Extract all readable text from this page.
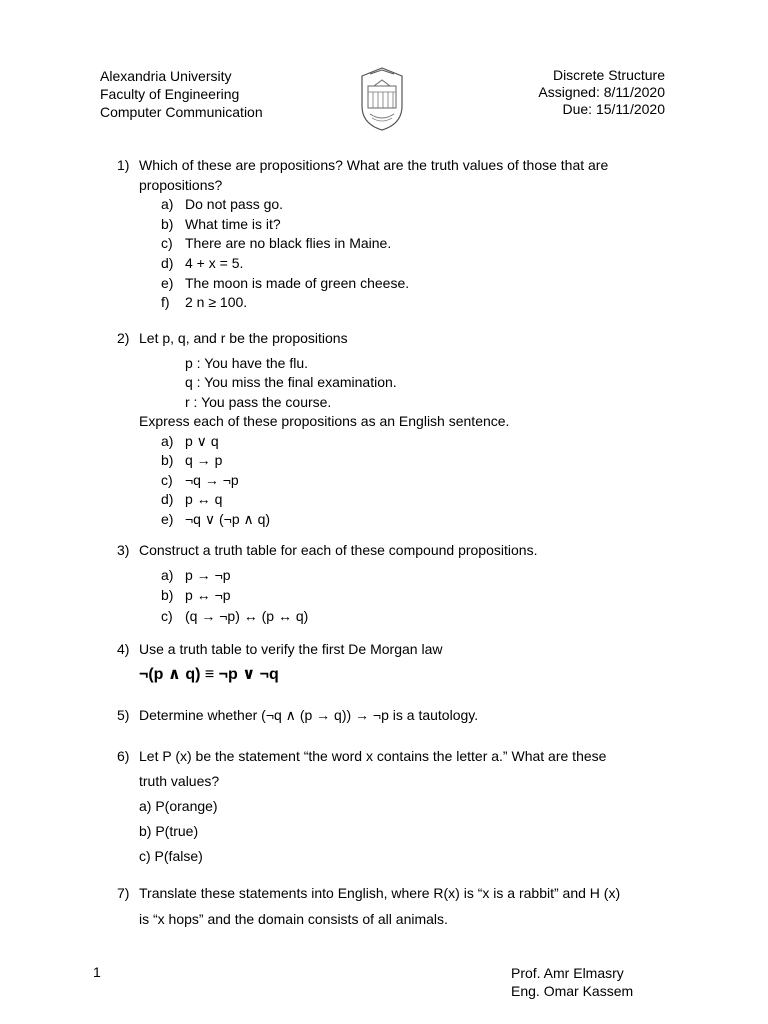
Alexandria University
Faculty of Engineering
Computer Communication
Discrete Structure
Assigned: 8/11/2020
Due: 15/11/2020
1) Which of these are propositions? What are the truth values of those that are
propositions?
a) Do not pass go.
b) What time is it?
c) There are no black flies in Maine.
d) 4 + x = 5.
e) The moon is made of green cheese.
f) 2 n ≥ 100.
2) Let p, q, and r be the propositions
p : You have the flu.
q : You miss the final examination.
r : You pass the course.
Express each of these propositions as an English sentence.
a) p ∨ q
b) q → p
c) ¬q → ¬p
d) p ↔ q
e) ¬q ∨ (¬p ∧ q)
3) Construct a truth table for each of these compound propositions.
a) p → ¬p
b) p ↔ ¬p
c) (q → ¬p) ↔ (p ↔ q)
4) Use a truth table to verify the first De Morgan law
¬(p ∧ q) ≡ ¬p ∨ ¬q
5) Determine whether (¬q ∧ (p → q)) → ¬p is a tautology.
6) Let P (x) be the statement “the word x contains the letter a.” What are these
truth values?
a) P(orange)
b) P(true)
c) P(false)
7) Translate these statements into English, where R(x) is “x is a rabbit” and H (x)
is “x hops” and the domain consists of all animals.
1	Prof. Amr Elmasry
Eng. Omar Kassem
